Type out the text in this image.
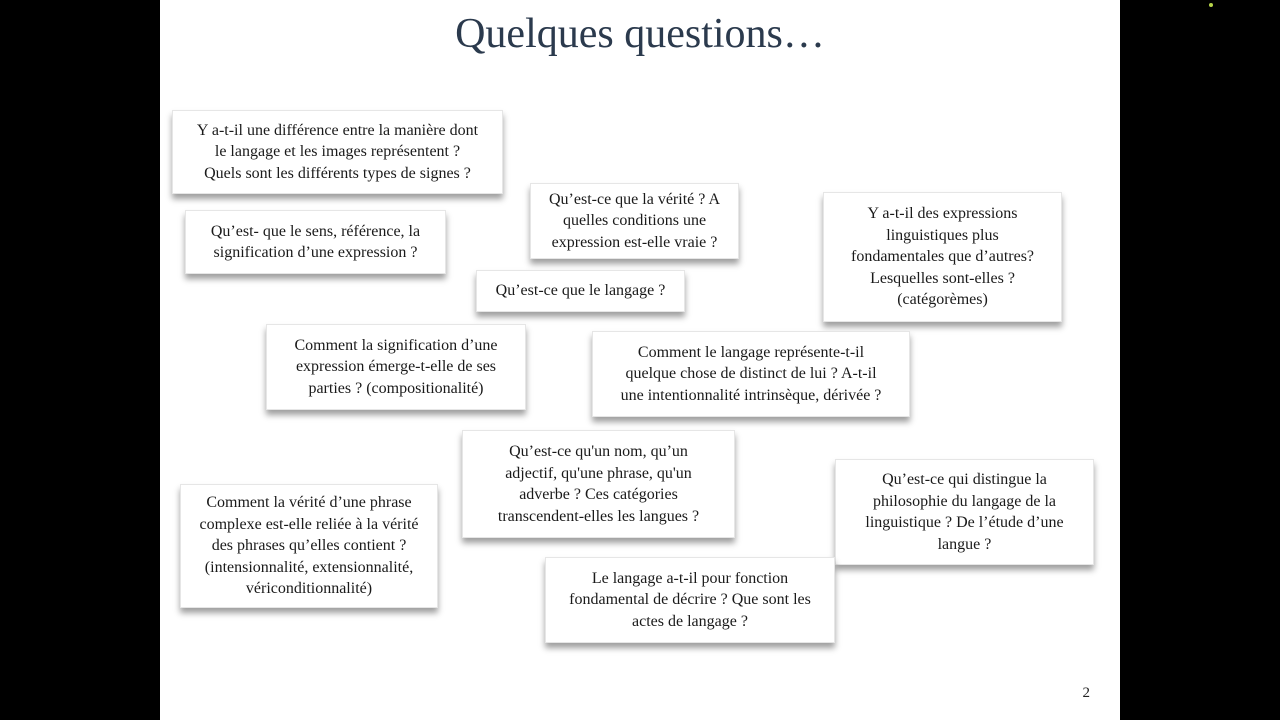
Quelques questions…
Y a-t-il une différence entre la manière dont
le langage et les images représentent ?
Quels sont les différents types de signes ?
Qu’est- que le sens, référence, la
signification d’une expression ?
Qu’est-ce que la vérité ? A
quelles conditions une
expression est-elle vraie ?
Y a-t-il des expressions
linguistiques plus
fondamentales que d’autres?
Lesquelles sont-elles ?
(catégorèmes)
Qu’est-ce que le langage ?
Comment la signification d’une
expression émerge-t-elle de ses
parties ? (compositionalité)
Comment le langage représente-t-il
quelque chose de distinct de lui ? A-t-il
une intentionnalité intrinsèque, dérivée ?
Qu’est-ce qu'un nom, qu’un
adjectif, qu'une phrase, qu'un
adverbe ? Ces catégories
transcendent-elles les langues ?
Qu’est-ce qui distingue la
philosophie du langage de la
linguistique ? De l’étude d’une
langue ?
Comment la vérité d’une phrase
complexe est-elle reliée à la vérité
des phrases qu’elles contient ?
(intensionnalité, extensionnalité,
vériconditionnalité)
Le langage a-t-il pour fonction
fondamental de décrire ? Que sont les
actes de langage ?
2
